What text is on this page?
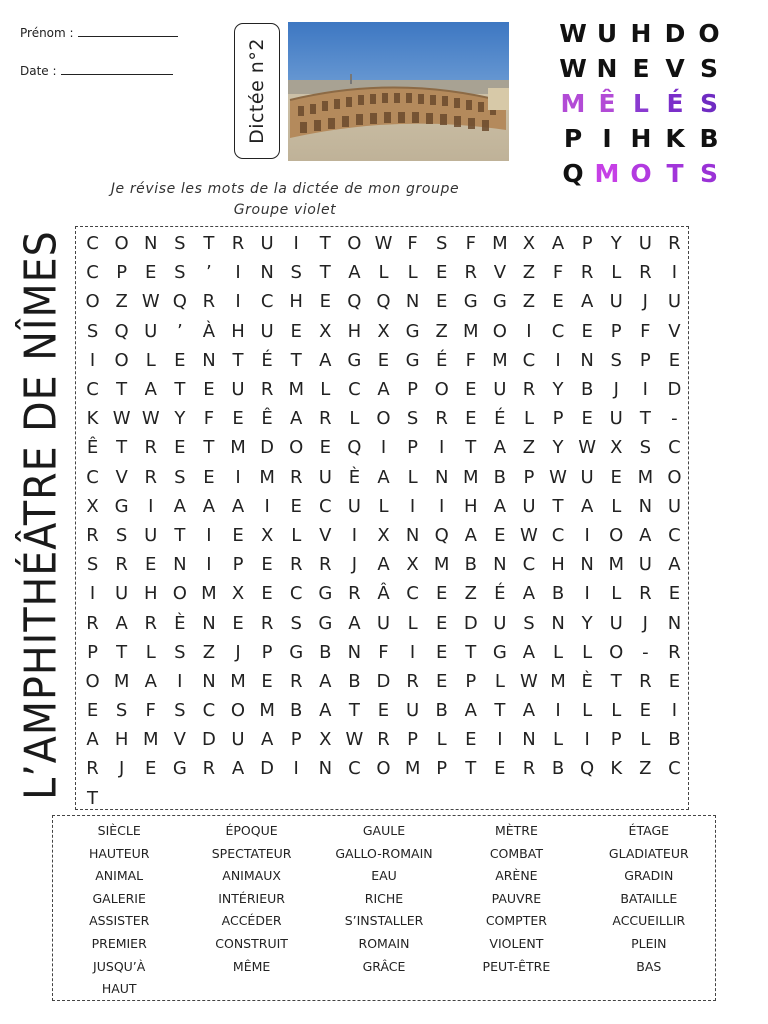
Prénom :
Date :	Dictée n°2
W U H D O
W N E V S
M Ê L É S
P I H K B
Q M O T S
Je révise les mots de la dictée de mon groupe
Groupe violet
L’AMPHITHÉÂTRE DE NÎMES	C O N S T R U	I	T O W F	S	F M X A P	Y U R
C P E S	’	I	N S T A L	L	E R V Z F R L R	I
O Z W Q R	I	C H E Q Q N E G G Z E A U	J	U
S Q U	’	À H U E X H X G Z M O	I	C E P	F V
I	O L	E N T É T A G E G É	F M C	I	N S P E
C T A T E U R M L C A P O E U R Y B	J	I	D
K W W Y	F	E Ê A R L O S R E É	L	P E U T	-
Ê T R E T M D O E Q	I	P	I	T A Z Y W X S C
C V R S E	I	M R U È A L N M B P W U E M O
X G	I	A A A	I	E C U L	I	I	H A U T A L N U
R S U T	I	E X L V	I	X N Q A E W C	I	O A C
S R E N	I	P E R R	J	A X M B N C H N M U A
I	U H O M X E C G R Â C E Z É A B	I	L R E
R A R È N E R S G A U L	E D U S N Y U	J	N
P	T	L	S Z	J	P G B N F	I	E T G A L	L O	-	R
O M A	I	N M E R A B D R E P	L W M È T R E
E S	F	S C O M B A T E U B A T A	I	L	L	E	I
A H M V D U A P X W R P	L	E	I	N L	I	P	L B
R	J	E G R A D	I	N C O M P	T E R B Q K Z C
T
SIÈCLE	ÉPOQUE	GAULE	MÈTRE	ÉTAGE
HAUTEUR	SPECTATEUR	GALLO-ROMAIN	COMBAT	GLADIATEUR
ANIMAL	ANIMAUX	EAU	ARÈNE	GRADIN
GALERIE	INTÉRIEUR	RICHE	PAUVRE	BATAILLE
ASSISTER	ACCÉDER	S’INSTALLER	COMPTER	ACCUEILLIR
PREMIER	CONSTRUIT	ROMAIN	VIOLENT	PLEIN
JUSQU’À	MÊME	GRÂCE	PEUT-ÊTRE	BAS
HAUT
